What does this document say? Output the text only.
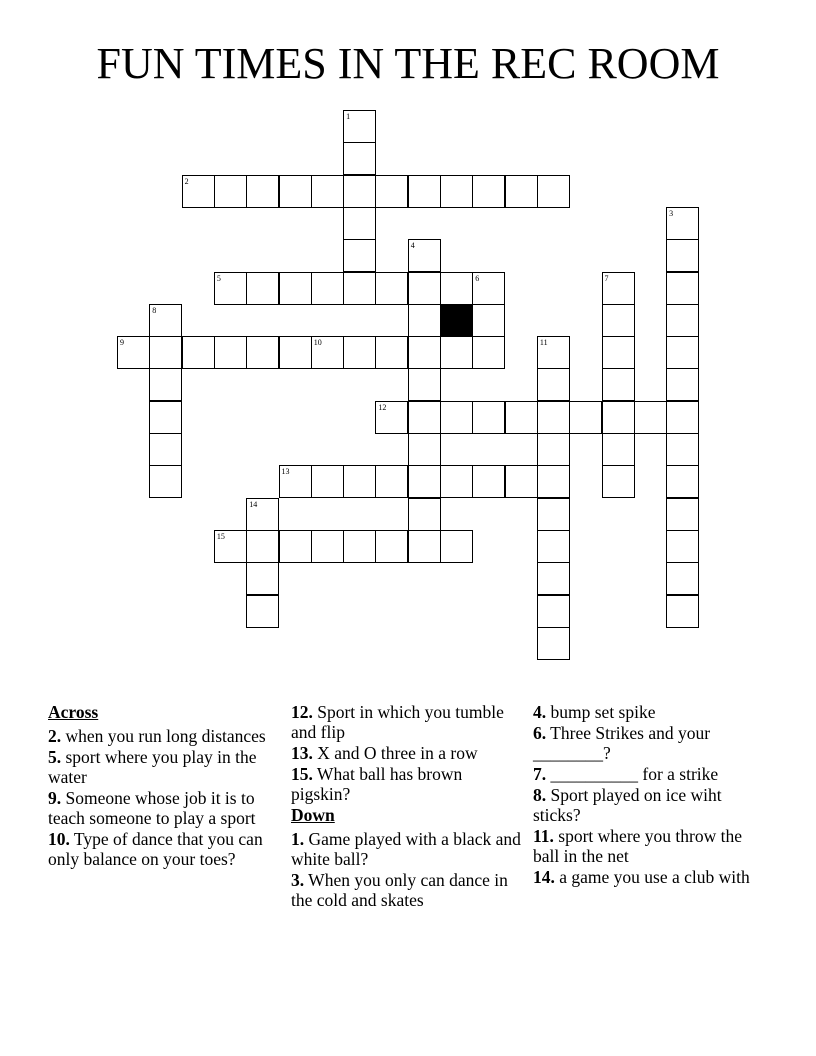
FUN TIMES IN THE REC ROOM
1
2
3
4
5	6	7
8
9	10	11
12
13
14
15
Across
2. when you run long distances
5. sport where you play in the water
9. Someone whose job it is to teach someone to play a sport
10. Type of dance that you can only balance on your toes?
12. Sport in which you tumble and flip
13. X and O three in a row
15. What ball has brown pigskin?
Down
1. Game played with a black and white ball?
3. When you only can dance in the cold and skates
4. bump set spike
6. Three Strikes and your ________?
7. __________ for a strike
8. Sport played on ice wiht sticks?
11. sport where you throw the ball in the net
14. a game you use a club with
